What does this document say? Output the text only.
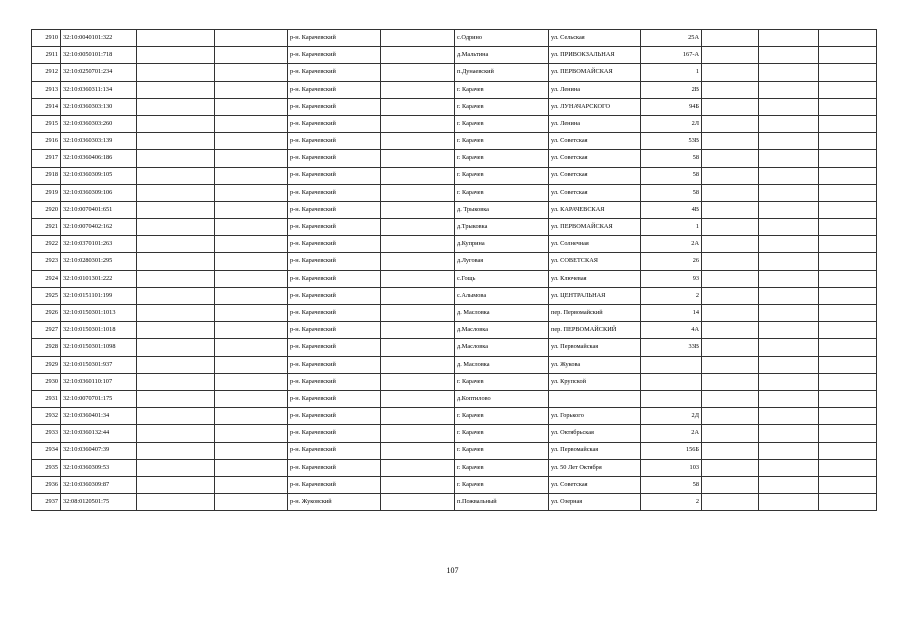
2910	32:10:0040101:322			р-н. Карачевский		с.Одрино	ул. Сельская	25А			
2911	32:10:0050101:718			р-н. Карачевский		д.Мальтина	ул. ПРИВОКЗАЛЬНАЯ	167-А			
2912	32:10:0250701:234			р-н. Карачевский		п.Дунаевский	ул. ПЕРВОМАЙСКАЯ	1			
2913	32:10:0360311:134			р-н. Карачевский		г. Карачев	ул. Ленина	2В			
2914	32:10:0360303:130			р-н. Карачевский		г. Карачев	ул. ЛУНАЧАРСКОГО	94Б			
2915	32:10:0360303:260			р-н. Карачевский		г. Карачев	ул. Ленина	2Л			
2916	32:10:0360303:139			р-н. Карачевский		г. Карачев	ул. Советская	53В			
2917	32:10:0360406:186			р-н. Карачевский		г. Карачев	ул. Советская	58			
2918	32:10:0360309:105			р-н. Карачевский		г. Карачев	ул. Советская	58			
2919	32:10:0360309:106			р-н. Карачевский		г. Карачев	ул. Советская	58			
2920	32:10:0070401:651			р-н. Карачевский		д. Трыковка	ул. КАРАЧЕВСКАЯ	4В			
2921	32:10:0070402:162			р-н. Карачевский		д.Трыковка	ул. ПЕРВОМАЙСКАЯ	1			
2922	32:10:0370101:263			р-н. Карачевский		д.Куприна	ул. Солнечная	2А			
2923	32:10:0280301:295			р-н. Карачевский		д.Луговая	ул. СОВЕТСКАЯ	26			
2924	32:10:0101301:222			р-н. Карачевский		с.Гощь	ул. Ключевая	93			
2925	32:10:0151101:199			р-н. Карачевский		с.Алымова	ул. ЦЕНТРАЛЬНАЯ	2			
2926	32:10:0150301:1013			р-н. Карачевский		д. Масловка	пер. Первомайский	14			
2927	32:10:0150301:1018			р-н. Карачевский		д.Масловка	пер. ПЕРВОМАЙСКИЙ	4А			
2928	32:10:0150301:1098			р-н. Карачевский		д.Масловка	ул. Первомайская	33В			
2929	32:10:0150301:937			р-н. Карачевский		д. Масловка	ул. Жукова				
2930	32:10:0360110:107			р-н. Карачевский		г. Карачев	ул. Крупской				
2931	32:10:0070701:175			р-н. Карачевский		д.Коптилово					
2932	32:10:0360401:34			р-н. Карачевский		г. Карачев	ул. Горького	2Д			
2933	32:10:0360132:44			р-н. Карачевский		г. Карачев	ул. Октябрьская	2А			
2934	32:10:0360407:39			р-н. Карачевский		г. Карачев	ул. Первомайская	156Б			
2935	32:10:0360309:53			р-н. Карачевский		г. Карачев	ул. 50 Лет Октября	103			
2936	32:10:0360309:87			р-н. Карачевский		г. Карачев	ул. Советская	58			
2937	32:08:0120501:75			р-н. Жуковский		п.Пожвальный	ул. Озерная	2			
107
